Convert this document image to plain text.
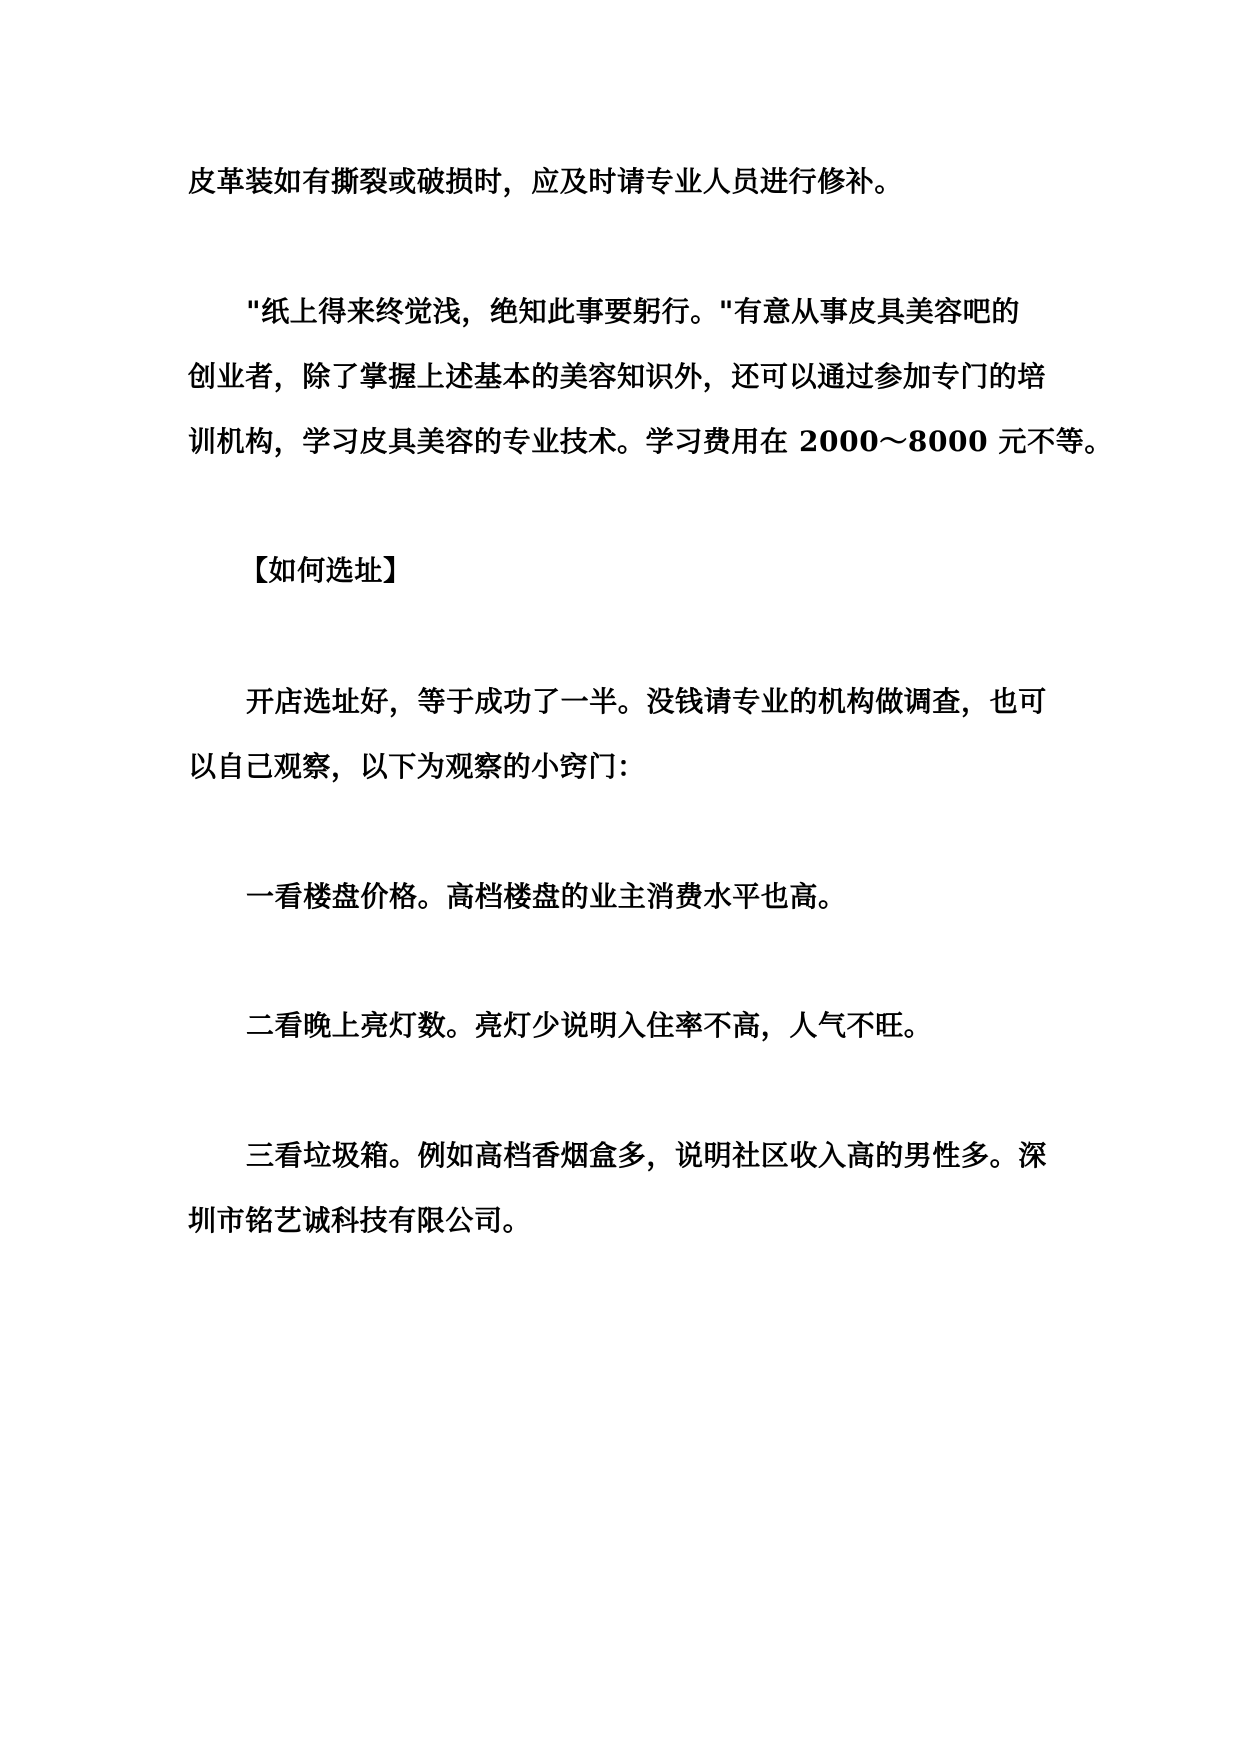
皮革装如有撕裂或破损时，应及时请专业人员进行修补。
"纸上得来终觉浅，绝知此事要躬行。"有意从事皮具美容吧的
创业者，除了掌握上述基本的美容知识外，还可以通过参加专门的培
训机构，学习皮具美容的专业技术。学习费用在 2000～8000 元不等。
【如何选址】
开店选址好，等于成功了一半。没钱请专业的机构做调查，也可
以自己观察，以下为观察的小窍门：
一看楼盘价格。高档楼盘的业主消费水平也高。
二看晚上亮灯数。亮灯少说明入住率不高，人气不旺。
三看垃圾箱。例如高档香烟盒多，说明社区收入高的男性多。深
圳市铭艺诚科技有限公司。
